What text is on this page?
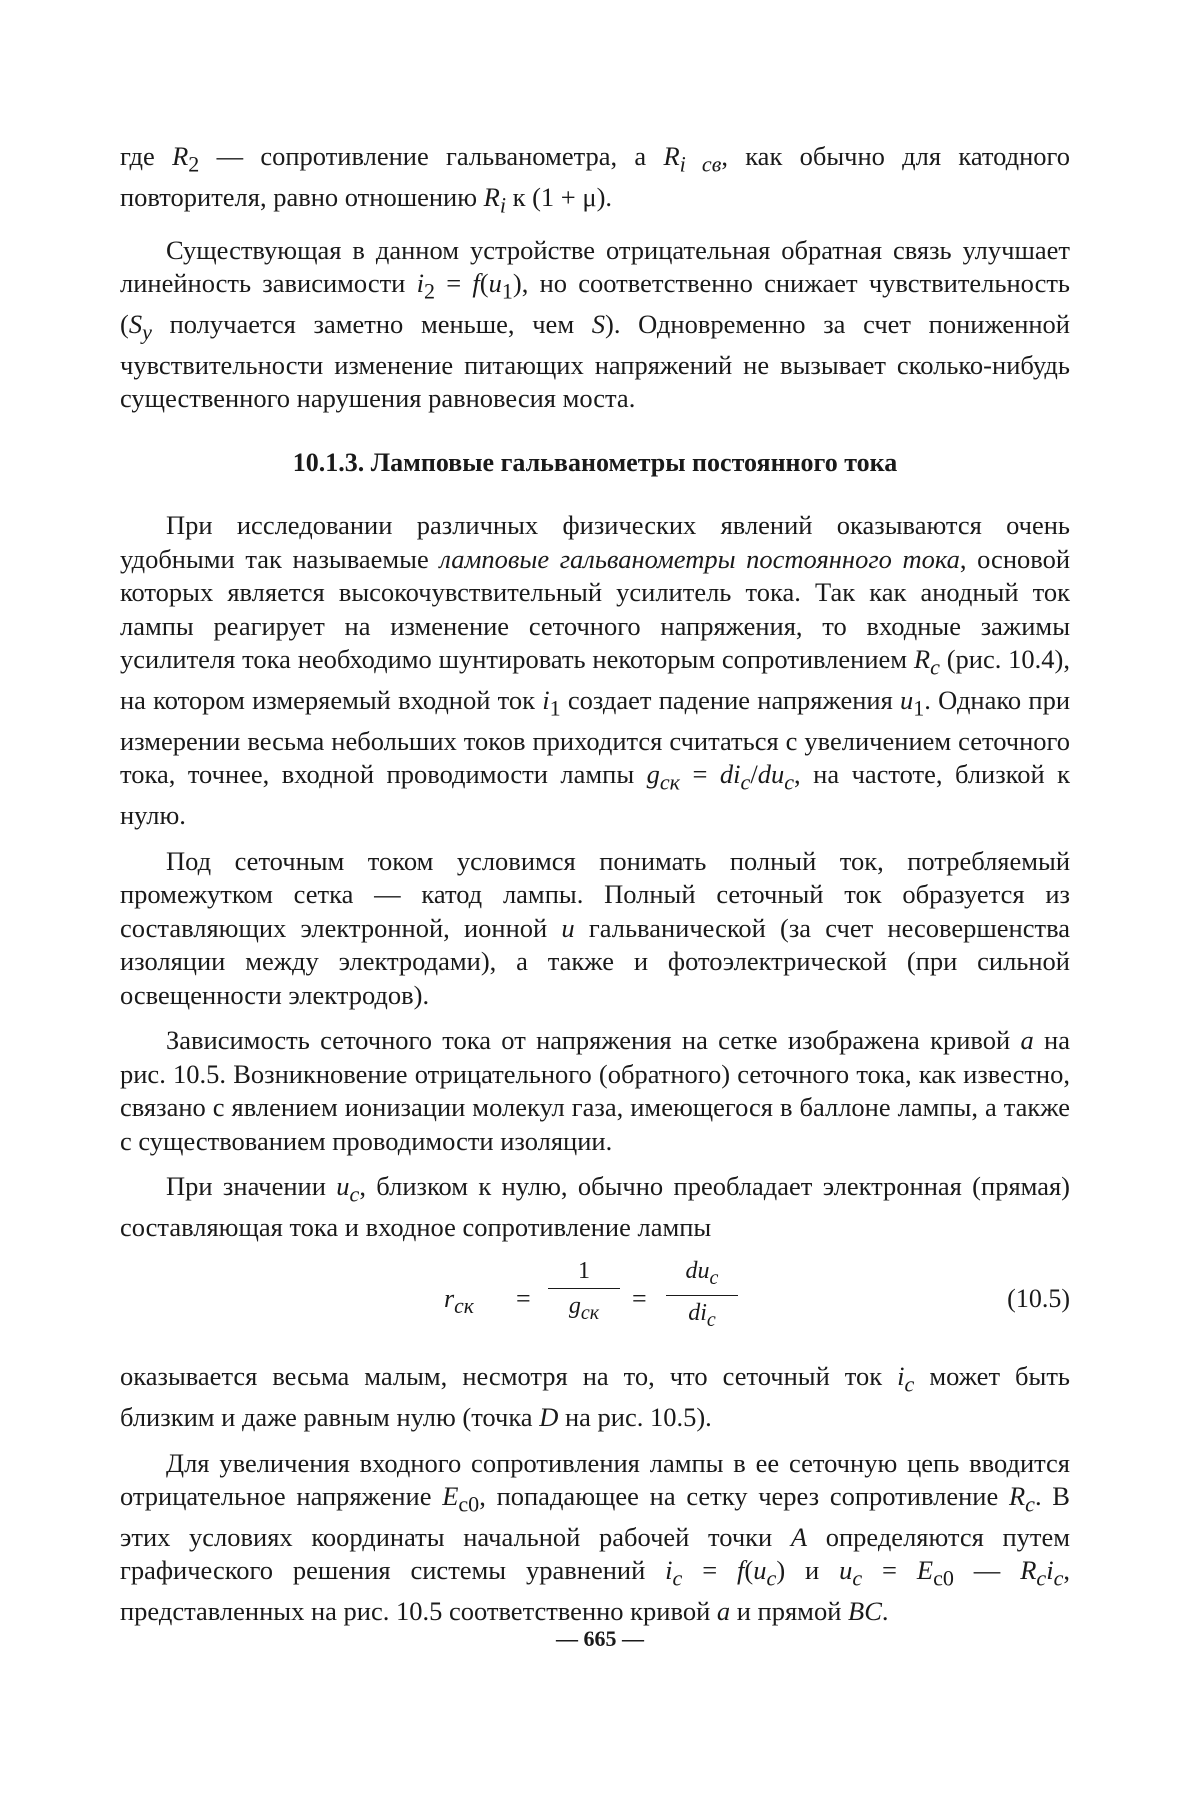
где R2 — сопротивление гальванометра, а Ri св, как обычно для катодного повторителя, равно отношению Ri к (1 + μ).

Существующая в данном устройстве отрицательная обратная связь улучшает линейность зависимости i2 = f(u1), но соответственно снижает чувствительность (Sy получается заметно меньше, чем S). Одновременно за счет пониженной чувствительности изменение питающих напряжений не вызывает сколько-нибудь существенного нарушения равновесия моста.

10.1.3. Ламповые гальванометры постоянного тока

При исследовании различных физических явлений оказываются очень удобными так называемые ламповые гальванометры постоянного тока, основой которых является высокочувствительный усилитель тока. Так как анодный ток лампы реагирует на изменение сеточного напряжения, то входные зажимы усилителя тока необходимо шунтировать некоторым сопротивлением Rc (рис. 10.4), на котором измеряемый входной ток i1 создает падение напряжения u1. Однако при измерении весьма небольших токов приходится считаться с увеличением сеточного тока, точнее, входной проводимости лампы gск = dic/duc, на частоте, близкой к нулю.

Под сеточным током условимся понимать полный ток, потребляемый промежутком сетка — катод лампы. Полный сеточный ток образуется из составляющих электронной, ионной и гальванической (за счет несовершенства изоляции между электродами), а также и фотоэлектрической (при сильной освещенности электродов).

Зависимость сеточного тока от напряжения на сетке изображена кривой а на рис. 10.5. Возникновение отрицательного (обратного) сеточного тока, как известно, связано с явлением ионизации молекул газа, имеющегося в баллоне лампы, а также с существованием проводимости изоляции.

При значении uc, близком к нулю, обычно преобладает электронная (прямая) составляющая тока и входное сопротивление лампы

rск =
1
gск	=
duc
dic
(10.5)

оказывается весьма малым, несмотря на то, что сеточный ток ic может быть близким и даже равным нулю (точка D на рис. 10.5).

Для увеличения входного сопротивления лампы в ее сеточную цепь вводится отрицательное напряжение Ec0, попадающее на сетку через сопротивление Rc. В этих условиях координаты начальной рабочей точки A определяются путем графического решения системы уравнений ic = f(uc) и uc = Ec0 — Rcic, представленных на рис. 10.5 соответственно кривой а и прямой BC.

— 665 —
